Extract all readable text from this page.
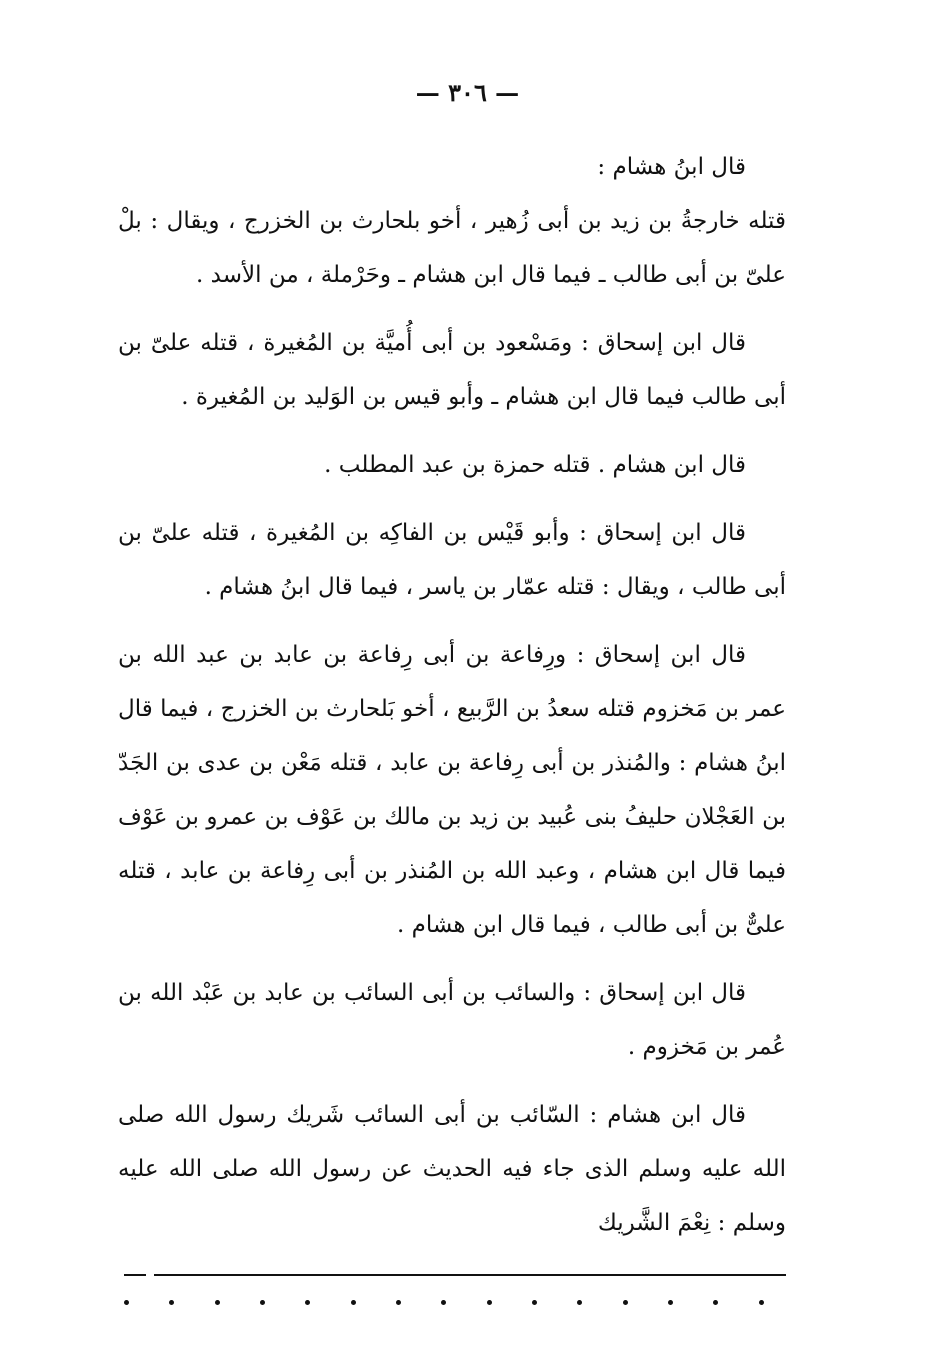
— ٣٠٦ —

قال ابنُ هشام :

قتله خارجةُ بن زيد بن أبى زُهير ، أخو بلحارث بن الخزرج ، ويقال : بلْ علىّ بن أبى طالب ـ فيما قال ابن هشام ـ وحَرْملة ، من الأسد .

قال ابن إسحاق : ومَسْعود بن أبى أُميَّة بن المُغيرة ، قتله علىّ بن أبى طالب فيما قال ابن هشام ـ وأبو قيس بن الوَليد بن المُغيرة .

قال ابن هشام . قتله حمزة بن عبد المطلب .

قال ابن إسحاق : وأبو قَيْس بن الفاكِه بن المُغيرة ، قتله علىّ بن أبى طالب ، ويقال : قتله عمّار بن ياسر ، فيما قال ابنُ هشام .

قال ابن إسحاق : ورِفاعة بن أبى رِفاعة بن عابد بن عبد الله بن عمر بن مَخزوم قتله سعدُ بن الرَّبيع ، أخو بَلحارث بن الخزرج ، فيما قال ابنُ هشام : والمُنذر بن أبى رِفاعة بن عابد ، قتله مَعْن بن عدى بن الجَدّ بن العَجْلان حليفُ بنى عُبيد بن زيد بن مالك بن عَوْف بن عمرو بن عَوْف فيما قال ابن هشام ، وعبد الله بن المُنذر بن أبى رِفاعة بن عابد ، قتله علىٌّ بن أبى طالب ، فيما قال ابن هشام .

قال ابن إسحاق : والسائب بن أبى السائب بن عابد بن عَبْد الله بن عُمر بن مَخزوم .

قال ابن هشام : السّائب بن أبى السائب شَريك رسول الله صلى الله عليه وسلم الذى جاء فيه الحديث عن رسول الله صلى الله عليه وسلم : نِعْمَ الشَّريك
